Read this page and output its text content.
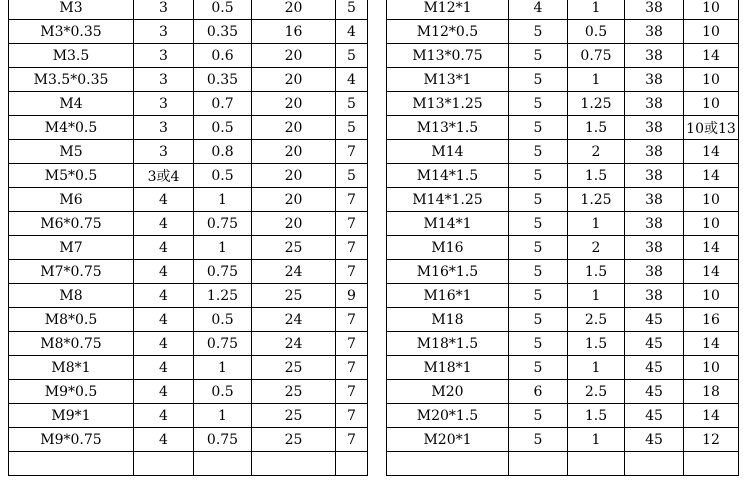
M3	3	0.5	20	5
M3*0.35	3	0.35	16	4
M3.5	3	0.6	20	5
M3.5*0.35	3	0.35	20	4
M4	3	0.7	20	5
M4*0.5	3	0.5	20	5
M5	3	0.8	20	7
M5*0.5	3或4	0.5	20	5
M6	4	1	20	7
M6*0.75	4	0.75	20	7
M7	4	1	25	7
M7*0.75	4	0.75	24	7
M8	4	1.25	25	9
M8*0.5	4	0.5	24	7
M8*0.75	4	0.75	24	7
M8*1	4	1	25	7
M9*0.5	4	0.5	25	7
M9*1	4	1	25	7
M9*0.75	4	0.75	25	7

M12*1	4	1	38	10
M12*0.5	5	0.5	38	10
M13*0.75	5	0.75	38	14
M13*1	5	1	38	10
M13*1.25	5	1.25	38	10
M13*1.5	5	1.5	38	10或13
M14	5	2	38	14
M14*1.5	5	1.5	38	14
M14*1.25	5	1.25	38	10
M14*1	5	1	38	10
M16	5	2	38	14
M16*1.5	5	1.5	38	14
M16*1	5	1	38	10
M18	5	2.5	45	16
M18*1.5	5	1.5	45	14
M18*1	5	1	45	10
M20	6	2.5	45	18
M20*1.5	5	1.5	45	14
M20*1	5	1	45	12
